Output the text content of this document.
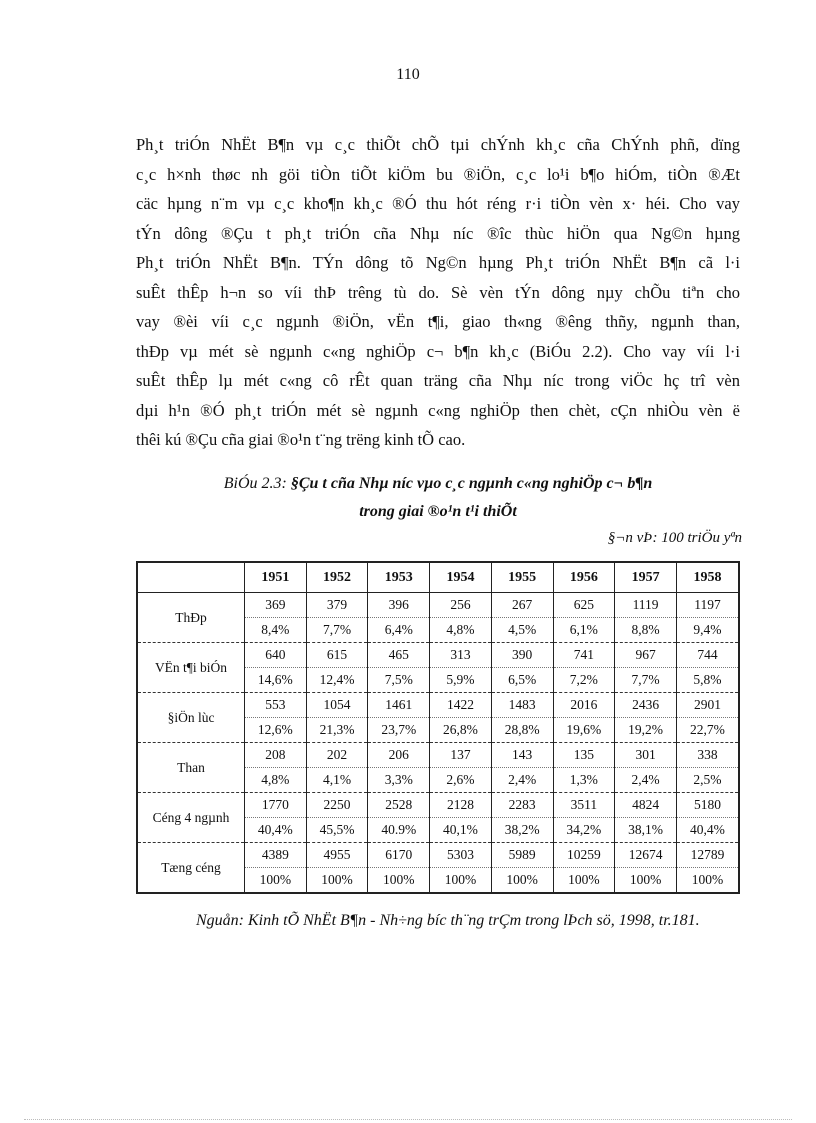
110
Ph¸t triÓn NhËt B¶n vµ c¸c thiÕt chÕ tµi chÝnh kh¸c cña ChÝnh phñ, dïng
c¸c h×nh thøc nh göi tiÒn tiÕt kiÖm bu ®iÖn, c¸c lo¹i b¶o hiÓm, tiÒn ®Æt
cäc hµng n¨m vµ c¸c kho¶n kh¸c ®Ó thu hót réng r·i tiÒn vèn x· héi. Cho vay
tÝn dông ®Çu t ph¸t triÓn cña Nhµ níc ®îc thùc hiÖn qua Ng©n hµng
Ph¸t triÓn NhËt B¶n. TÝn dông tõ Ng©n hµng Ph¸t triÓn NhËt B¶n cã l·i
suÊt thÊp h¬n so víi thÞ trêng tù do. Sè vèn tÝn dông nµy chÕu tiªn cho
vay ®èi víi c¸c ngµnh ®iÖn, vËn t¶i, giao th«ng ®êng thñy, ngµnh than,
thÐp vµ mét sè ngµnh c«ng nghiÖp c¬ b¶n kh¸c (BiÓu 2.2). Cho vay víi l·i
suÊt thÊp lµ mét c«ng cô rÊt quan träng cña Nhµ níc trong viÖc hç trî vèn
dµi h¹n ®Ó ph¸t triÓn mét sè ngµnh c«ng nghiÖp then chèt, cÇn nhiÒu vèn ë
thêi kú ®Çu cña giai ®o¹n t¨ng trëng kinh tÕ cao.
BiÓu 2.3: §Çu t cña Nhµ níc vµo c¸c ngµnh c«ng nghiÖp c¬ b¶n
trong giai ®o¹n t¹i thiÕt
§¬n vÞ: 100 triÖu yªn
	1951	1952	1953	1954	1955	1956	1957	1958
ThÐp	369	379	396	256	267	625	1119	1197
	8,4%	7,7%	6,4%	4,8%	4,5%	6,1%	8,8%	9,4%
VËn t¶i biÓn	640	615	465	313	390	741	967	744
	14,6%	12,4%	7,5%	5,9%	6,5%	7,2%	7,7%	5,8%
§iÖn lùc	553	1054	1461	1422	1483	2016	2436	2901
	12,6%	21,3%	23,7%	26,8%	28,8%	19,6%	19,2%	22,7%
Than	208	202	206	137	143	135	301	338
	4,8%	4,1%	3,3%	2,6%	2,4%	1,3%	2,4%	2,5%
Céng 4 ngµnh	1770	2250	2528	2128	2283	3511	4824	5180
	40,4%	45,5%	40.9%	40,1%	38,2%	34,2%	38,1%	40,4%
Tæng céng	4389	4955	6170	5303	5989	10259	12674	12789
	100%	100%	100%	100%	100%	100%	100%	100%
Nguån: Kinh tÕ NhËt B¶n - Nh÷ng bíc th¨ng trÇm trong lÞch sö, 1998, tr.181.
